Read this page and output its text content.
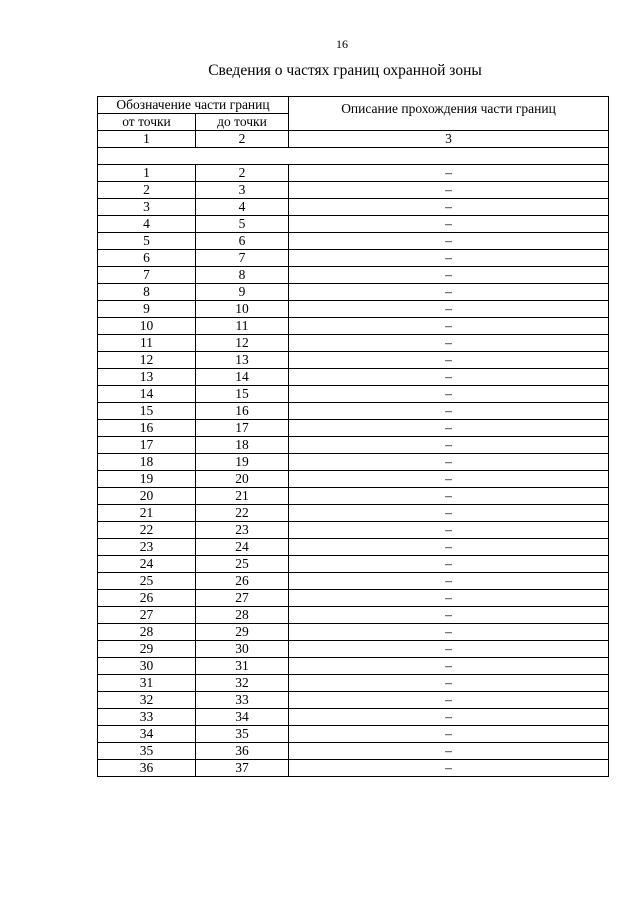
16
Сведения о частях границ охранной зоны
Обозначение части границ		Описание прохождения части границ
от точки	до точки	
1	2	3

1	2	–
2	3	–
3	4	–
4	5	–
5	6	–
6	7	–
7	8	–
8	9	–
9	10	–
10	11	–
11	12	–
12	13	–
13	14	–
14	15	–
15	16	–
16	17	–
17	18	–
18	19	–
19	20	–
20	21	–
21	22	–
22	23	–
23	24	–
24	25	–
25	26	–
26	27	–
27	28	–
28	29	–
29	30	–
30	31	–
31	32	–
32	33	–
33	34	–
34	35	–
35	36	–
36	37	–
